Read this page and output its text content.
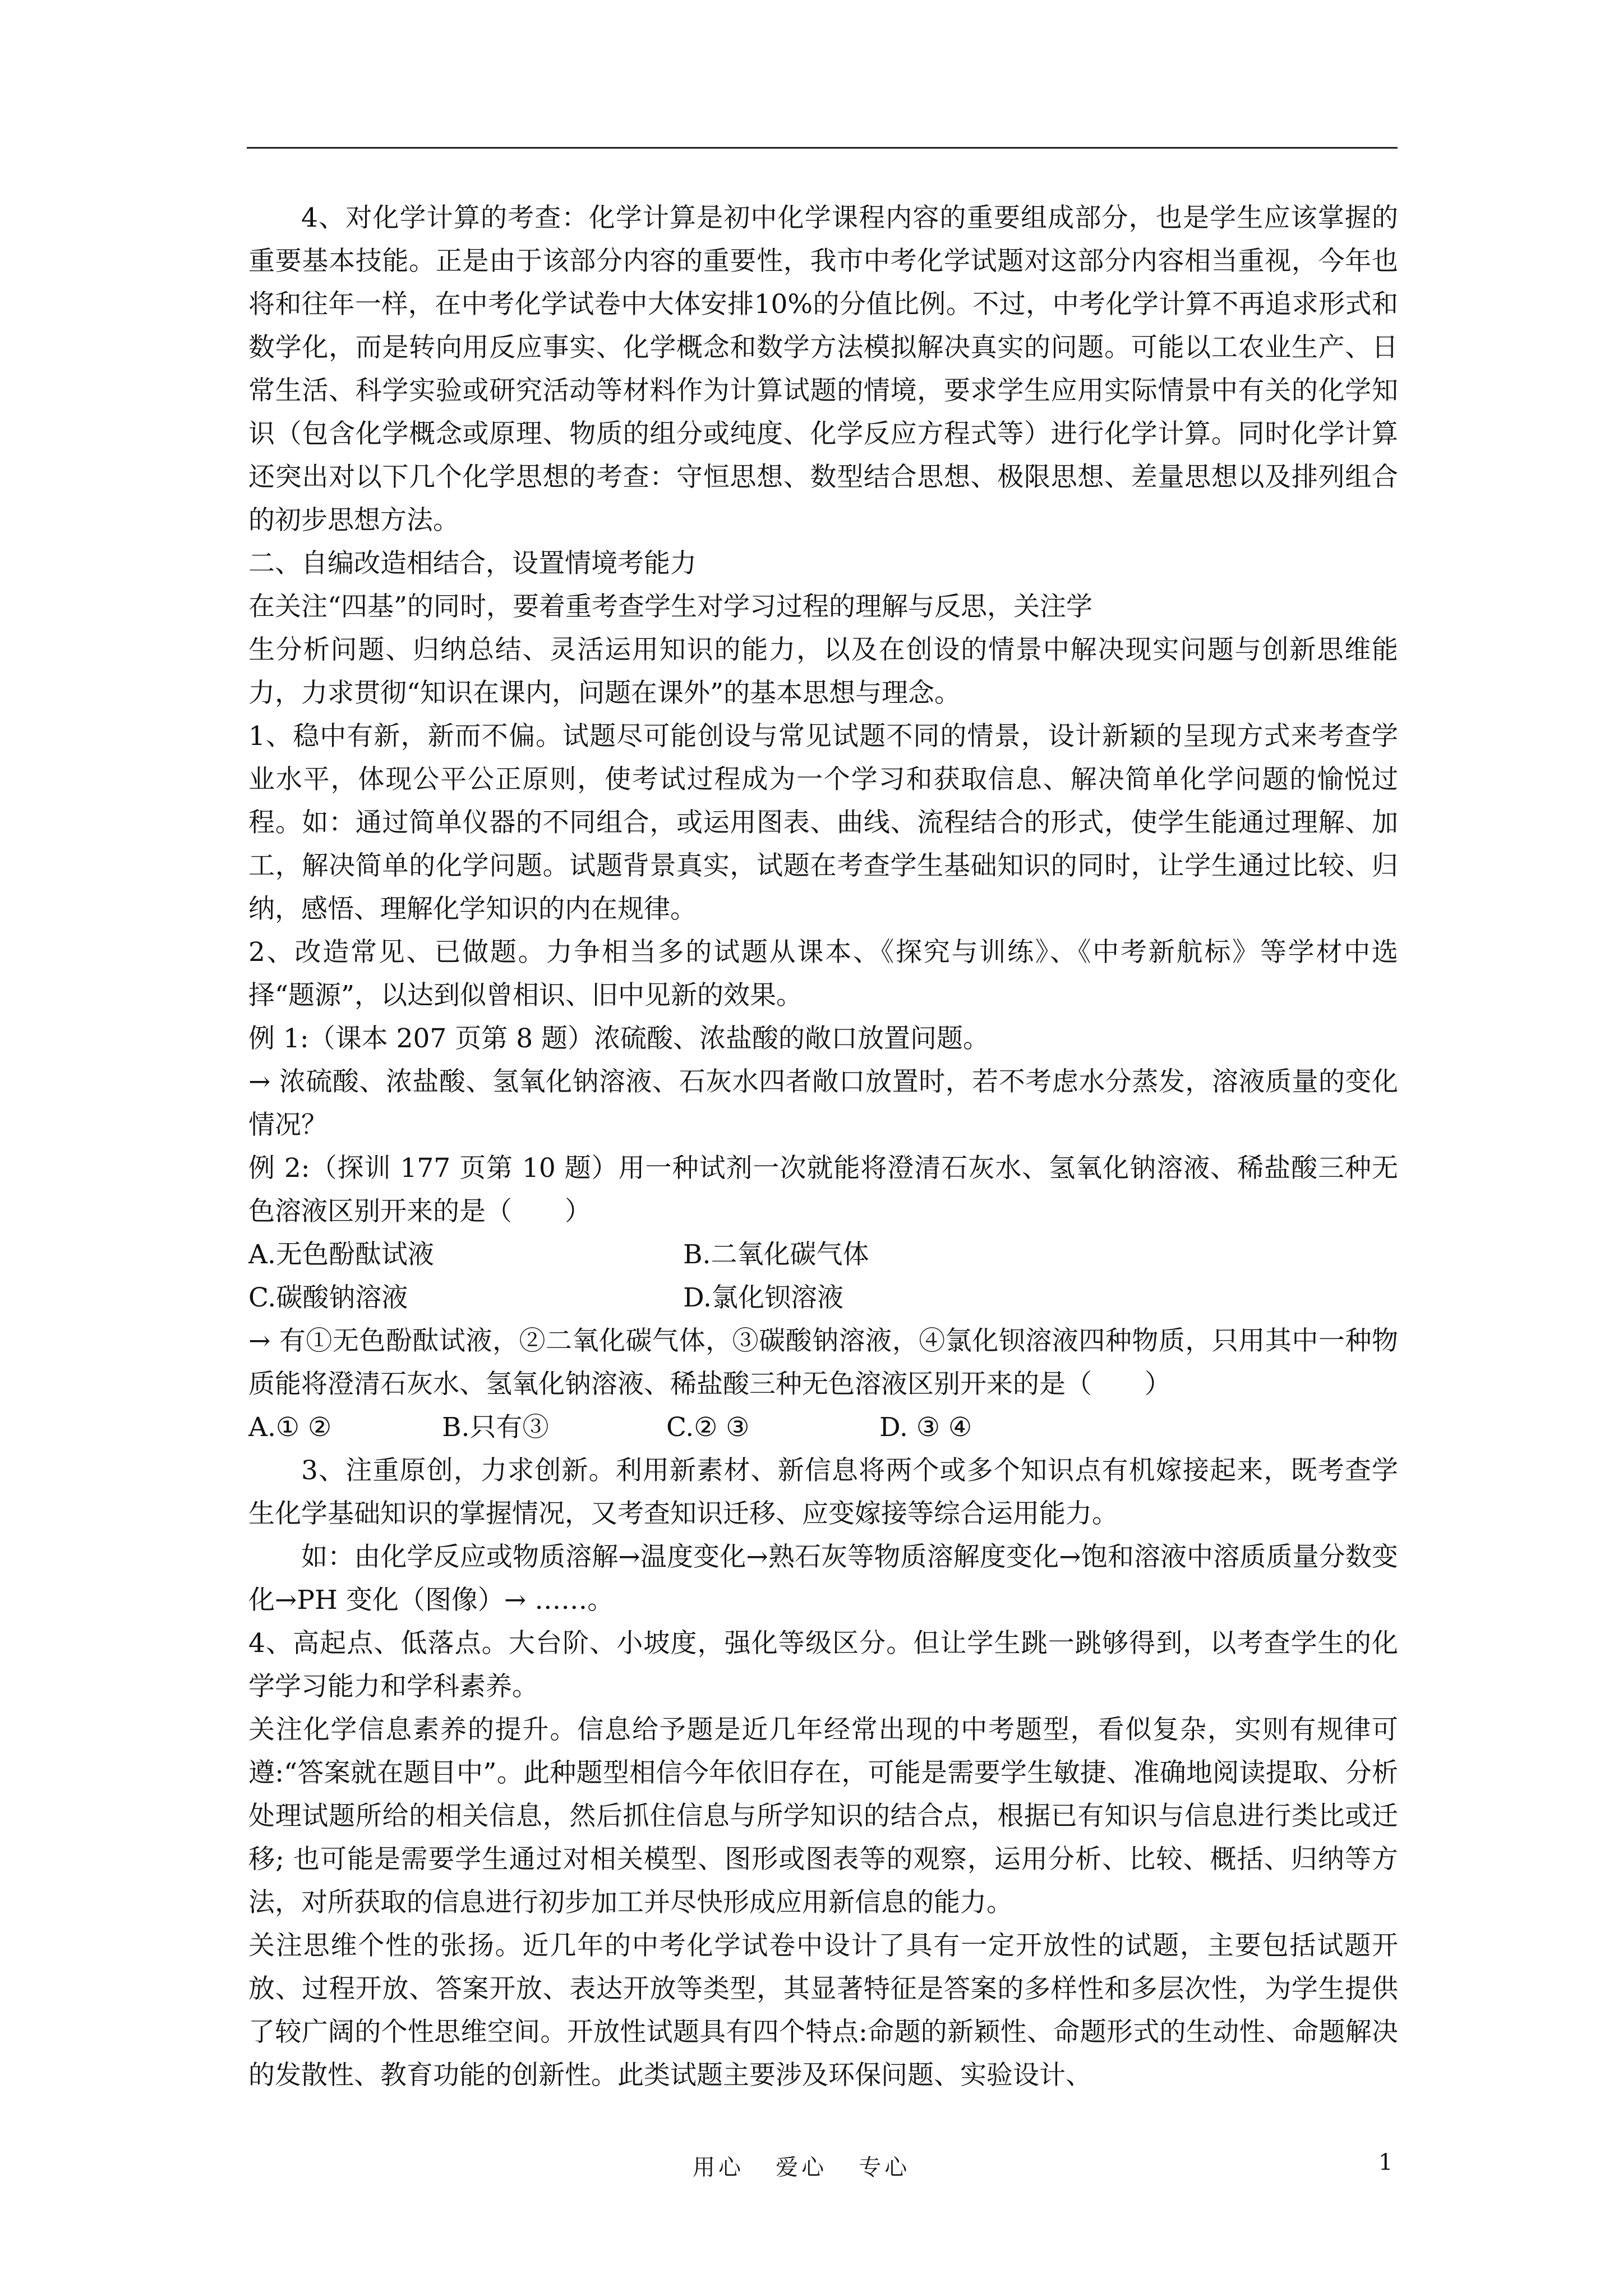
4、对化学计算的考查：化学计算是初中化学课程内容的重要组成部分，也是学生应该掌握的重要基本技能。正是由于该部分内容的重要性，我市中考化学试题对这部分内容相当重视，今年也将和往年一样，在中考化学试卷中大体安排10%的分值比例。不过，中考化学计算不再追求形式和数学化，而是转向用反应事实、化学概念和数学方法模拟解决真实的问题。可能以工农业生产、日常生活、科学实验或研究活动等材料作为计算试题的情境，要求学生应用实际情景中有关的化学知识（包含化学概念或原理、物质的组分或纯度、化学反应方程式等）进行化学计算。同时化学计算还突出对以下几个化学思想的考查：守恒思想、数型结合思想、极限思想、差量思想以及排列组合的初步思想方法。

二、自编改造相结合，设置情境考能力

在关注“四基”的同时，要着重考查学生对学习过程的理解与反思，关注学

生分析问题、归纳总结、灵活运用知识的能力，以及在创设的情景中解决现实问题与创新思维能力，力求贯彻“知识在课内，问题在课外”的基本思想与理念。

1、稳中有新，新而不偏。试题尽可能创设与常见试题不同的情景，设计新颖的呈现方式来考查学业水平，体现公平公正原则，使考试过程成为一个学习和获取信息、解决简单化学问题的愉悦过程。如：通过简单仪器的不同组合，或运用图表、曲线、流程结合的形式，使学生能通过理解、加工，解决简单的化学问题。试题背景真实，试题在考查学生基础知识的同时，让学生通过比较、归纳，感悟、理解化学知识的内在规律。

2、改造常见、已做题。力争相当多的试题从课本、《探究与训练》、《中考新航标》等学材中选择“题源”，以达到似曾相识、旧中见新的效果。

例 1:（课本 207 页第 8 题）浓硫酸、浓盐酸的敞口放置问题。

→ 浓硫酸、浓盐酸、氢氧化钠溶液、石灰水四者敞口放置时，若不考虑水分蒸发，溶液质量的变化情况？

例 2:（探训 177 页第 10 题）用一种试剂一次就能将澄清石灰水、氢氧化钠溶液、稀盐酸三种无色溶液区别开来的是（　　）

A.无色酚酞试液	B.二氧化碳气体
C.碳酸钠溶液	D.氯化钡溶液

→ 有①无色酚酞试液，②二氧化碳气体，③碳酸钠溶液，④氯化钡溶液四种物质，只用其中一种物质能将澄清石灰水、氢氧化钠溶液、稀盐酸三种无色溶液区别开来的是（　　）

A.① ②	B.只有③	C.② ③	D. ③ ④

3、注重原创，力求创新。利用新素材、新信息将两个或多个知识点有机嫁接起来，既考查学生化学基础知识的掌握情况，又考查知识迁移、应变嫁接等综合运用能力。

如：由化学反应或物质溶解→温度变化→熟石灰等物质溶解度变化→饱和溶液中溶质质量分数变化→PH 变化（图像）→ ……。

4、高起点、低落点。大台阶、小坡度，强化等级区分。但让学生跳一跳够得到，以考查学生的化学学习能力和学科素养。

关注化学信息素养的提升。信息给予题是近几年经常出现的中考题型，看似复杂，实则有规律可遵:“答案就在题目中”。此种题型相信今年依旧存在，可能是需要学生敏捷、准确地阅读提取、分析处理试题所给的相关信息，然后抓住信息与所学知识的结合点，根据已有知识与信息进行类比或迁移; 也可能是需要学生通过对相关模型、图形或图表等的观察，运用分析、比较、概括、归纳等方法，对所获取的信息进行初步加工并尽快形成应用新信息的能力。

关注思维个性的张扬。近几年的中考化学试卷中设计了具有一定开放性的试题，主要包括试题开放、过程开放、答案开放、表达开放等类型，其显著特征是答案的多样性和多层次性，为学生提供了较广阔的个性思维空间。开放性试题具有四个特点:命题的新颖性、命题形式的生动性、命题解决的发散性、教育功能的创新性。此类试题主要涉及环保问题、实验设计、

用心   爱心   专心	1
